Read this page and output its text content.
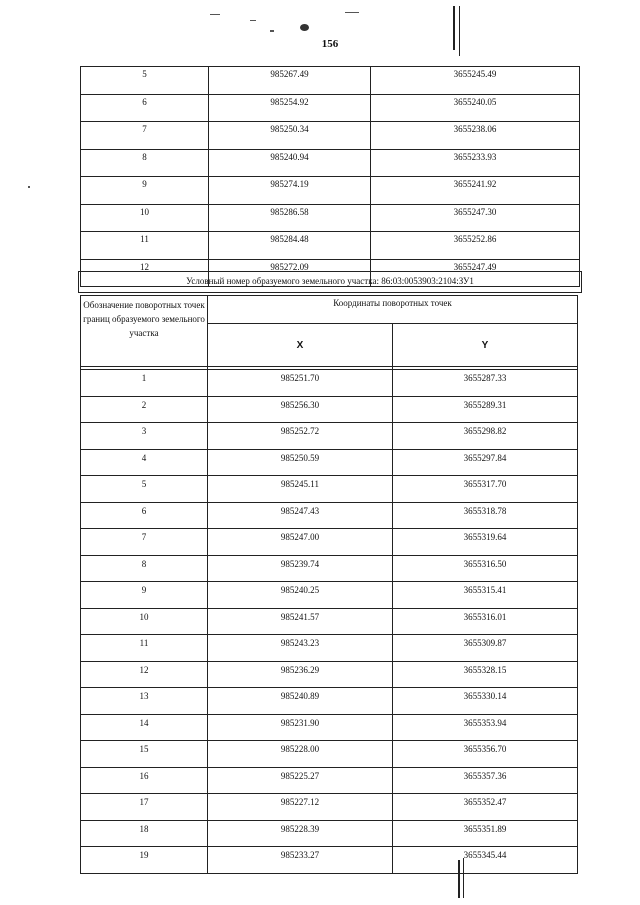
156
5	985267.49	3655245.49
6	985254.92	3655240.05
7	985250.34	3655238.06
8	985240.94	3655233.93
9	985274.19	3655241.92
10	985286.58	3655247.30
11	985284.48	3655252.86
12	985272.09	3655247.49
Условный номер образуемого земельного участка: 86:03:0053903:2104:ЗУ1
Обозначение поворотных точек границ образуемого земельного участка	Координаты поворотных точек	
	X	Y

1	985251.70	3655287.33
2	985256.30	3655289.31
3	985252.72	3655298.82
4	985250.59	3655297.84
5	985245.11	3655317.70
6	985247.43	3655318.78
7	985247.00	3655319.64
8	985239.74	3655316.50
9	985240.25	3655315.41
10	985241.57	3655316.01
11	985243.23	3655309.87
12	985236.29	3655328.15
13	985240.89	3655330.14
14	985231.90	3655353.94
15	985228.00	3655356.70
16	985225.27	3655357.36
17	985227.12	3655352.47
18	985228.39	3655351.89
19	985233.27	3655345.44
